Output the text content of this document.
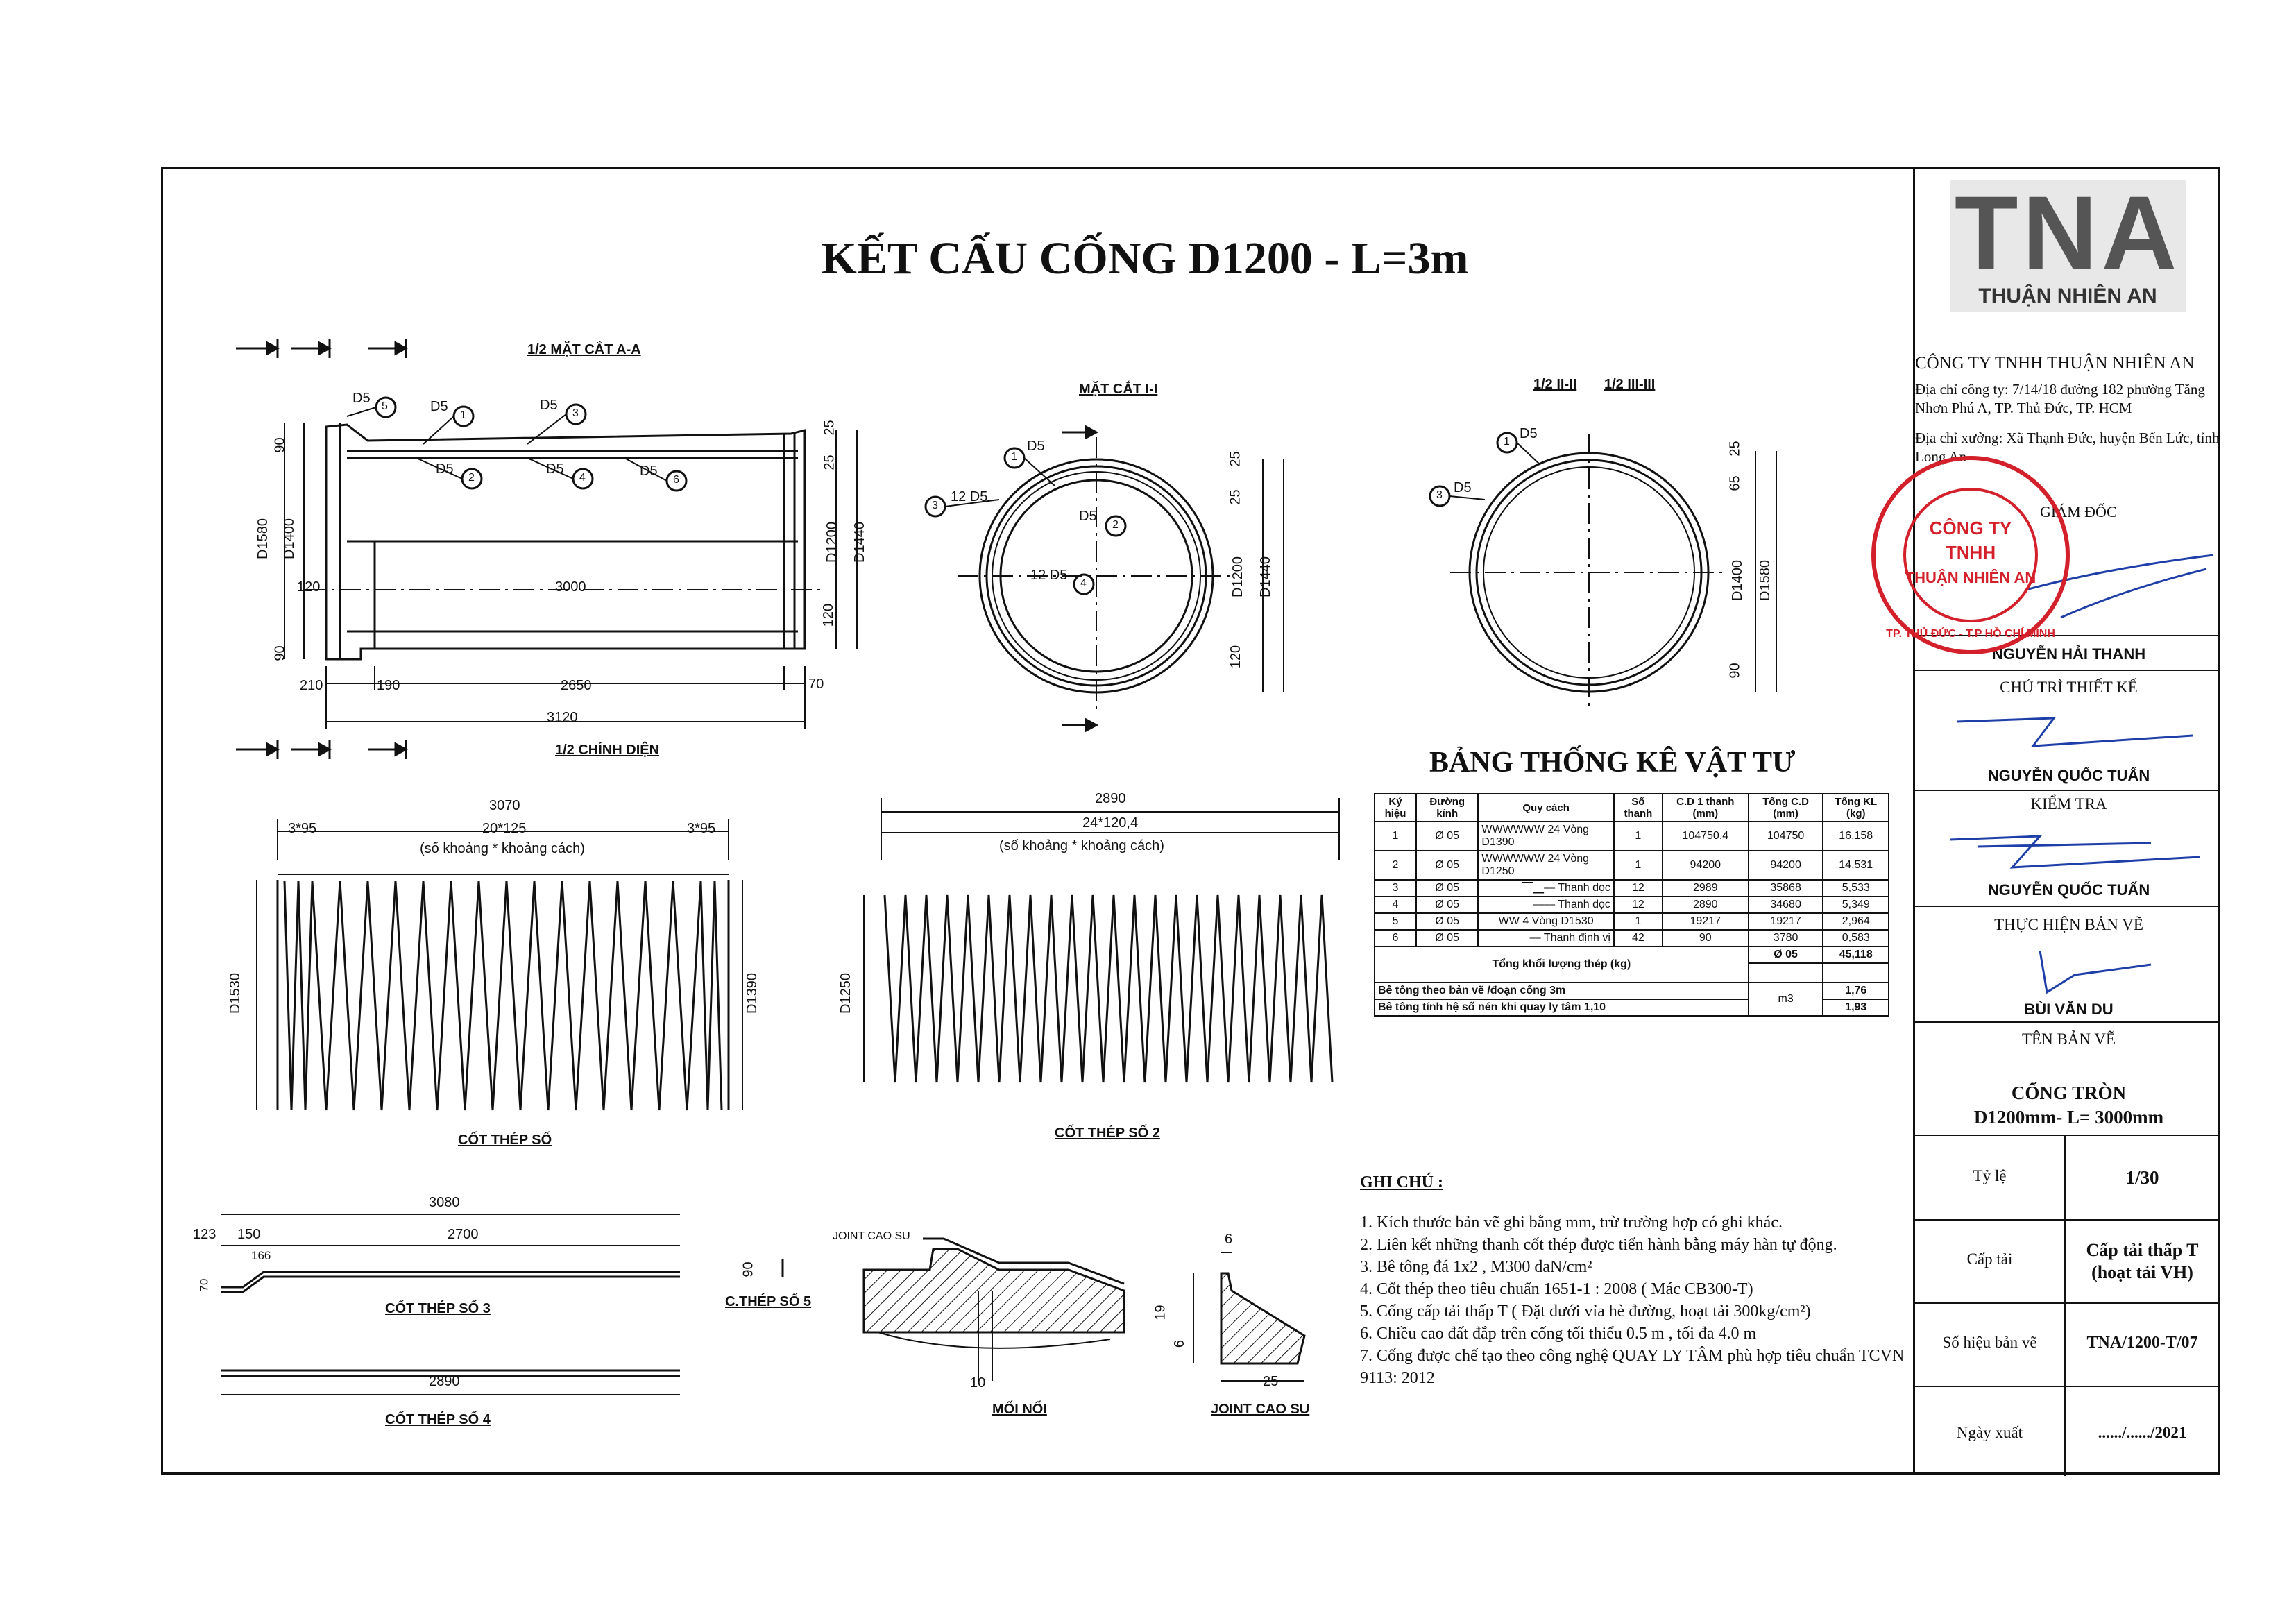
KẾT CẤU CỐNG D1200 - L=3m
1/2 MẶT CẮT A-A
1/2 CHÍNH DIỆN
MẶT CẮT I-I	1/2 II-II 1/2 III-III
CỐT THÉP SỐ	CỐT THÉP SỐ 2
CỐT THÉP SỐ 3
CỐT THÉP SỐ 4
C.THÉP SỐ 5
MỐI NỐI
JOINT CAO SU
JOINT CAO SU
90
D1580 D1400
120
90
3000
25
25
D1200 D1440
120
210	190	2650	70
3120
D5
5	D5
1
D5
3
D5
2
D5
4	D5
6
D5
1
12 D5
3
D5
2
12 D5
4
25
25
D1200 D1440
120
D5
1
D5
3
25
65
D1400 D1580
90
3070
3*95	20*125	3*95
(số khoảng * khoảng cách)
D1530	D1390
2890
24*120,4
(số khoảng * khoảng cách)
D1250
3080
123 150	2700
166
70
2890
90
10
6
19
6
25
BẢNG THỐNG KÊ VẬT TƯ
Ký hiệu	Đường kính	Quy cách	Số thanh	C.D 1 thanh (mm)	Tổng C.D (mm)	Tổng KL (kg)
1	Ø 05	WWWWWW 24 Vòng D1390	1	104750,4	104750	16,158
2	Ø 05	WWWWWW 24 Vòng D1250	1	94200	94200	14,531
3	Ø 05	⎺⎽⎯⎯ Thanh dọc	12	2989	35868	5,533
4	Ø 05	⎯⎯⎯⎯ Thanh dọc	12	2890	34680	5,349
5	Ø 05	WW 4 Vòng D1530	1	19217	19217	2,964
6	Ø 05	⎯⎯ Thanh định vị	42	90	3780	0,583
Tổng khối lượng thép (kg)					Ø 05	45,118

Bê tông theo bản vẽ /đoạn cống 3m					m3	1,76
Bê tông tính hệ số nén khi quay ly tâm 1,10						1,93
GHI CHÚ :
1. Kích thước bản vẽ ghi bằng mm, trừ trường hợp có ghi khác.
2. Liên kết những thanh cốt thép được tiến hành bằng máy hàn tự động.
3. Bê tông đá 1x2 , M300 daN/cm²
4. Cốt thép theo tiêu chuẩn 1651-1 : 2008 ( Mác CB300-T)
5. Cống cấp tải thấp T ( Đặt dưới vỉa hè đường, hoạt tải 300kg/cm²)
6. Chiều cao đất đắp trên cống tối thiểu 0.5 m , tối đa 4.0 m
7. Cống được chế tạo theo công nghệ QUAY LY TÂM phù hợp tiêu chuẩn TCVN 9113: 2012
TNA
THUẬN NHIÊN AN
CÔNG TY TNHH THUẬN NHIÊN AN
Địa chỉ công ty: 7/14/18 đường 182 phường Tăng Nhơn Phú A, TP. Thủ Đức, TP. HCM
Địa chỉ xưởng: Xã Thạnh Đức, huyện Bến Lức, tỉnh Long An
GIÁM ĐỐC
NGUYỄN HẢI THANH
CHỦ TRÌ THIẾT KẾ
NGUYỄN QUỐC TUẤN
KIỂM TRA
NGUYỄN QUỐC TUẤN
THỰC HIỆN BẢN VẼ
BÙI VĂN DU
TÊN BẢN VẼ
CỐNG TRÒN
D1200mm- L= 3000mm
Tỷ lệ	1/30
Cấp tải	Cấp tải thấp T
(hoạt tải VH)
Số hiệu bản vẽ	TNA/1200-T/07
Ngày xuất	....../....../2021
CÔNG TY
TNHH
THUẬN NHIÊN AN
TP. THỦ ĐỨC - T.P HỒ CHÍ MINH
